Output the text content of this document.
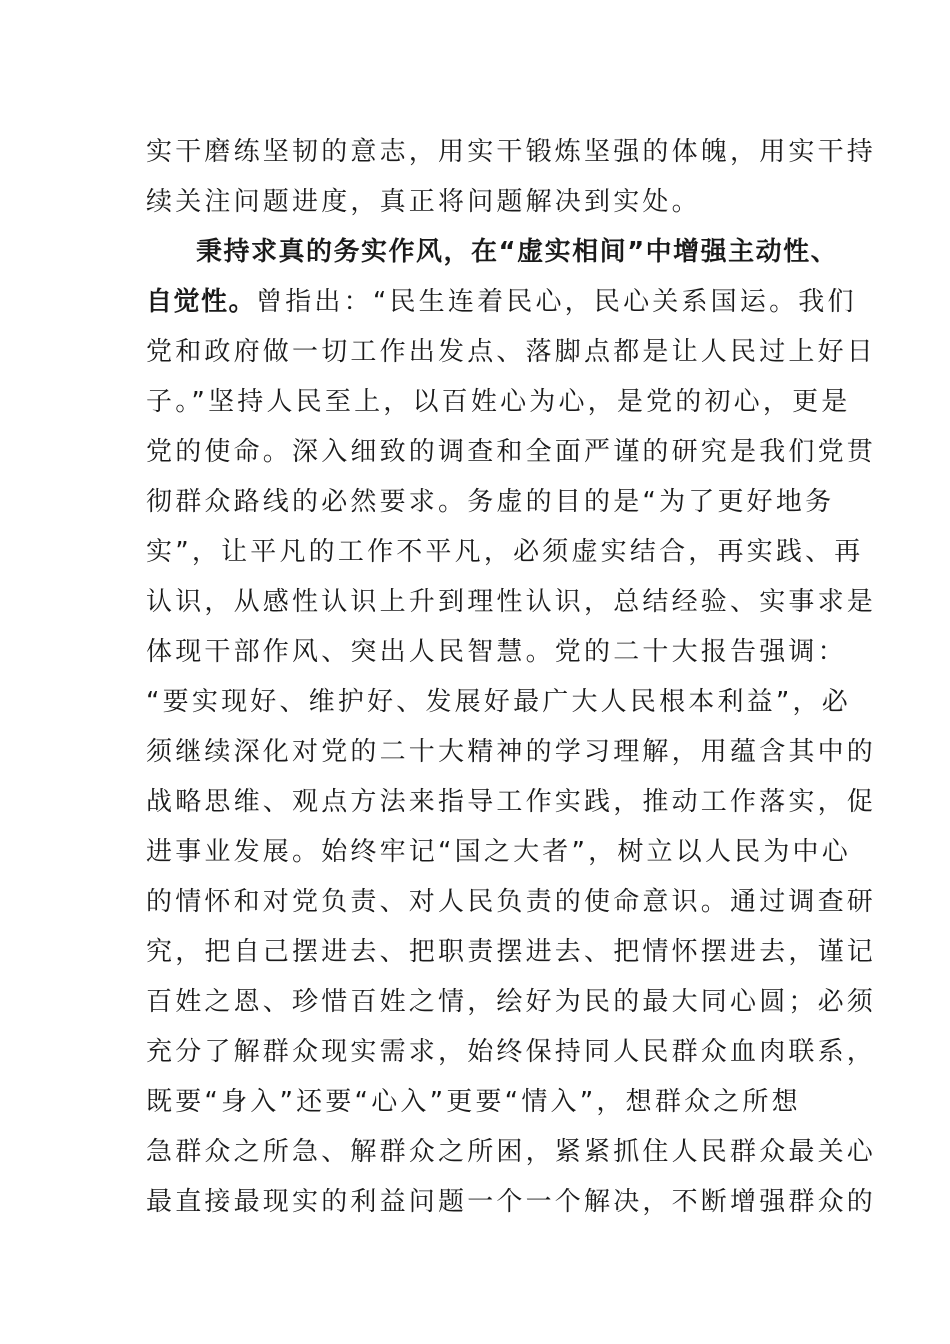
实干磨练坚韧的意志，用实干锻炼坚强的体魄，用实干持
续关注问题进度，真正将问题解决到实处。
秉持求真的务实作风，在“虚实相间”中增强主动性、
自觉性。曾指出：“民生连着民心，民心关系国运。我们
党和政府做一切工作出发点、落脚点都是让人民过上好日
子。”坚持人民至上，以百姓心为心，是党的初心，更是
党的使命。深入细致的调查和全面严谨的研究是我们党贯
彻群众路线的必然要求。务虚的目的是“为了更好地务
实”，让平凡的工作不平凡，必须虚实结合，再实践、再
认识，从感性认识上升到理性认识，总结经验、实事求是
体现干部作风、突出人民智慧。党的二十大报告强调：
“要实现好、维护好、发展好最广大人民根本利益”，必
须继续深化对党的二十大精神的学习理解，用蕴含其中的
战略思维、观点方法来指导工作实践，推动工作落实，促
进事业发展。始终牢记“国之大者”，树立以人民为中心
的情怀和对党负责、对人民负责的使命意识。通过调查研
究，把自己摆进去、把职责摆进去、把情怀摆进去，谨记
百姓之恩、珍惜百姓之情，绘好为民的最大同心圆；必须
充分了解群众现实需求，始终保持同人民群众血肉联系，
既要“身入”还要“心入”更要“情入”，想群众之所想
急群众之所急、解群众之所困，紧紧抓住人民群众最关心
最直接最现实的利益问题一个一个解决，不断增强群众的
